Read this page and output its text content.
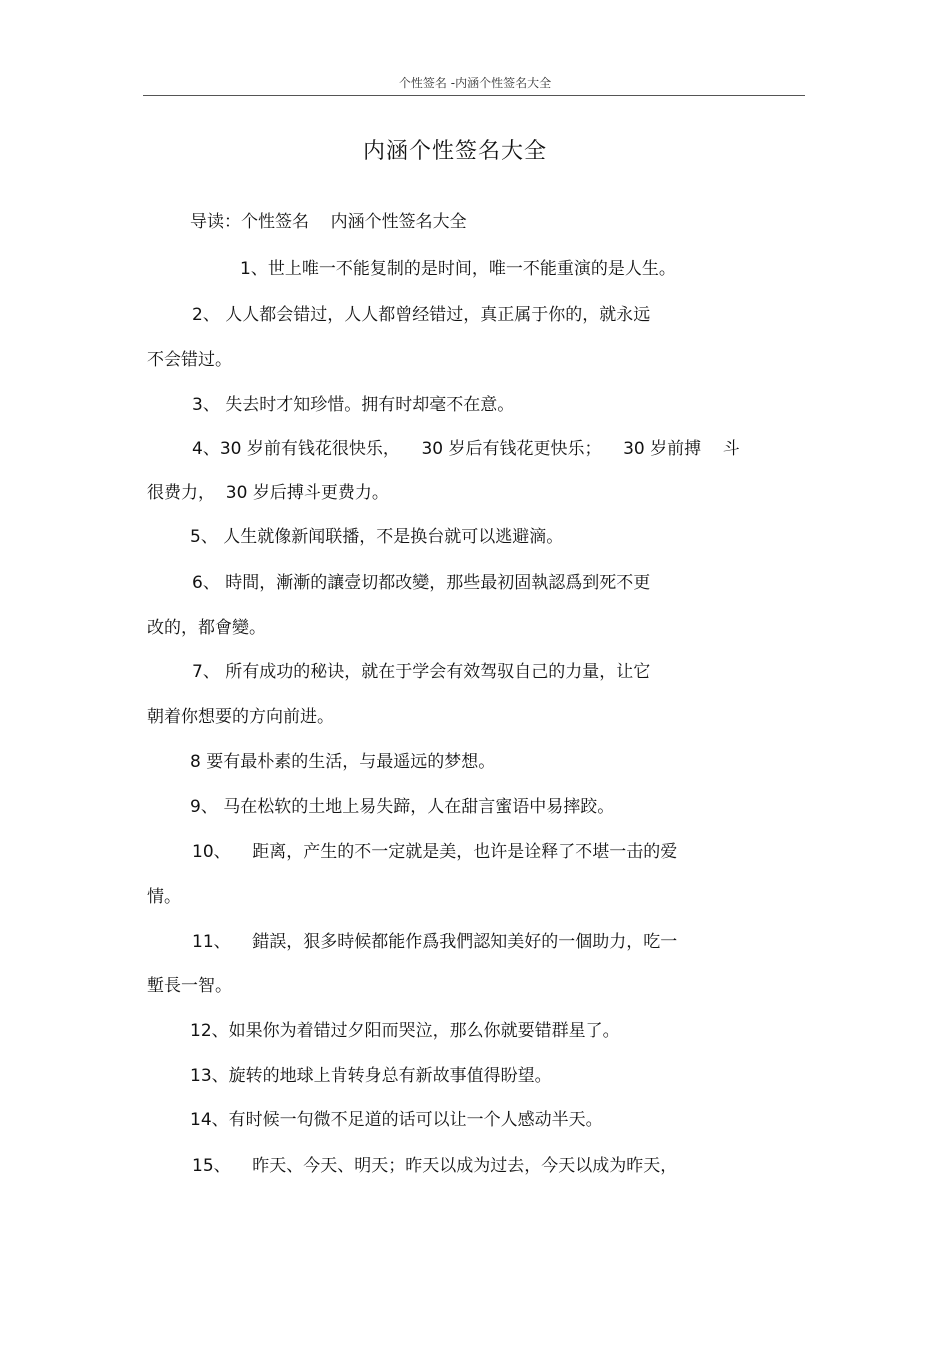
个性签名 -内涵个性签名大全
内涵个性签名大全
导读：个性签名    内涵个性签名大全
1、世上唯一不能复制的是时间，唯一不能重演的是人生。
2、 人人都会错过，人人都曾经错过，真正属于你的，就永远
不会错过。
3、 失去时才知珍惜。拥有时却毫不在意。
4、30 岁前有钱花很快乐，    30 岁后有钱花更快乐；    30 岁前搏    斗
很费力，  30 岁后搏斗更费力。
5、 人生就像新闻联播，不是换台就可以逃避滴。
6、 時間，漸漸的讓壹切都改變，那些最初固執認爲到死不更
改的，都會變。
7、 所有成功的秘诀，就在于学会有效驾驭自己的力量，让它
朝着你想要的方向前进。
8 要有最朴素的生活，与最遥远的梦想。
9、 马在松软的土地上易失蹄，人在甜言蜜语中易摔跤。
10、    距离，产生的不一定就是美，也许是诠释了不堪一击的爱
情。
11、    錯誤，狠多時候都能作爲我們認知美好的一個助力，吃一
塹長一智。
12、如果你为着错过夕阳而哭泣，那么你就要错群星了。
13、旋转的地球上肯转身总有新故事值得盼望。
14、有时候一句微不足道的话可以让一个人感动半天。
15、    昨天、今天、明天；昨天以成为过去，今天以成为昨天，
